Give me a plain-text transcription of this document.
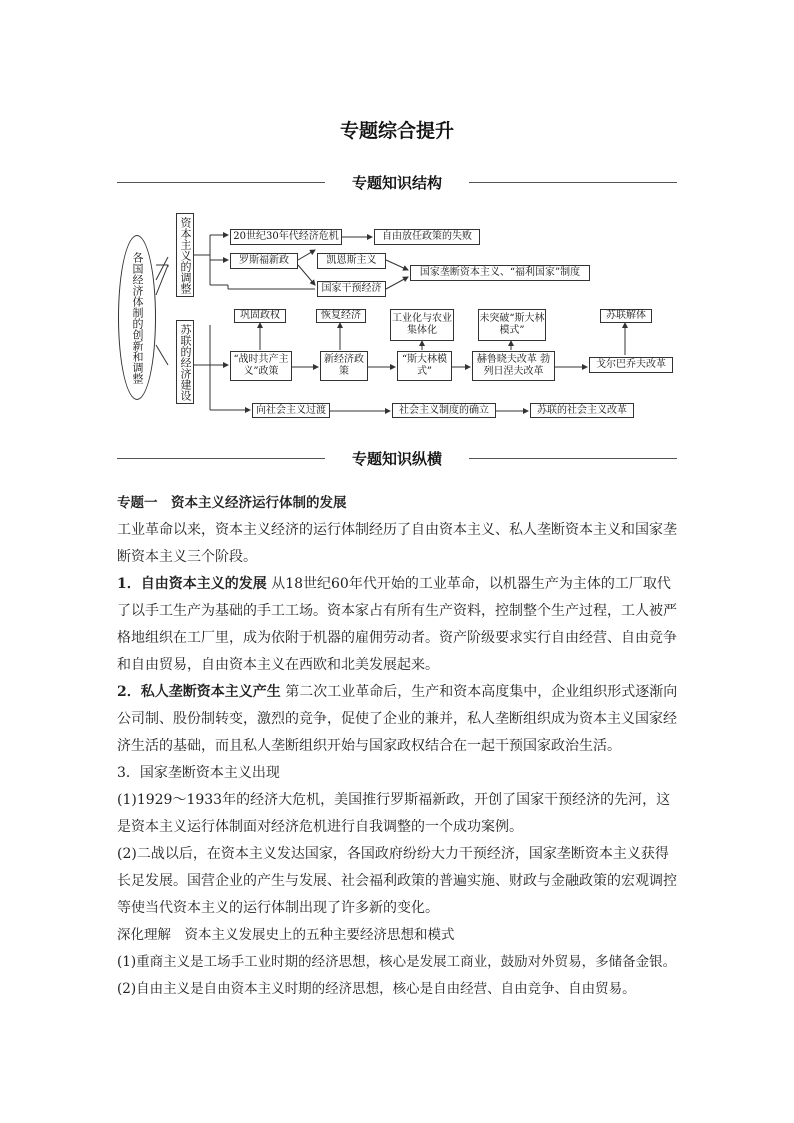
专题综合提升
专题知识结构
各国经济体制的创新和调整	资本主义的调整
苏联的经济建设
20世纪30年代经济危机	自由放任政策的失败
罗斯福新政	凯恩斯主义
国家干预经济
国家垄断资本主义、“福利国家”制度
巩固政权
“战时共产主义”政策
恢复经济
新经济政策
工业化与农业集体化
“斯大林模式”
未突破“斯大林模式”
赫鲁晓夫改革 勃列日涅夫改革
苏联解体
戈尔巴乔夫改革
向社会主义过渡	社会主义制度的确立	苏联的社会主义改革
专题知识纵横

专题一　资本主义经济运行体制的发展

工业革命以来，资本主义经济的运行体制经历了自由资本主义、私人垄断资本主义和国家垄断资本主义三个阶段。

1．自由资本主义的发展 从18世纪60年代开始的工业革命，以机器生产为主体的工厂取代了以手工生产为基础的手工工场。资本家占有所有生产资料，控制整个生产过程，工人被严格地组织在工厂里，成为依附于机器的雇佣劳动者。资产阶级要求实行自由经营、自由竞争和自由贸易，自由资本主义在西欧和北美发展起来。

2．私人垄断资本主义产生 第二次工业革命后，生产和资本高度集中，企业组织形式逐渐向公司制、股份制转变，激烈的竞争，促使了企业的兼并，私人垄断组织成为资本主义国家经济生活的基础，而且私人垄断组织开始与国家政权结合在一起干预国家政治生活。

3．国家垄断资本主义出现

(1)1929～1933年的经济大危机，美国推行罗斯福新政，开创了国家干预经济的先河，这是资本主义运行体制面对经济危机进行自我调整的一个成功案例。

(2)二战以后，在资本主义发达国家，各国政府纷纷大力干预经济，国家垄断资本主义获得长足发展。国营企业的产生与发展、社会福利政策的普遍实施、财政与金融政策的宏观调控等使当代资本主义的运行体制出现了许多新的变化。

深化理解　资本主义发展史上的五种主要经济思想和模式

(1)重商主义是工场手工业时期的经济思想，核心是发展工商业，鼓励对外贸易，多储备金银。

(2)自由主义是自由资本主义时期的经济思想，核心是自由经营、自由竞争、自由贸易。
